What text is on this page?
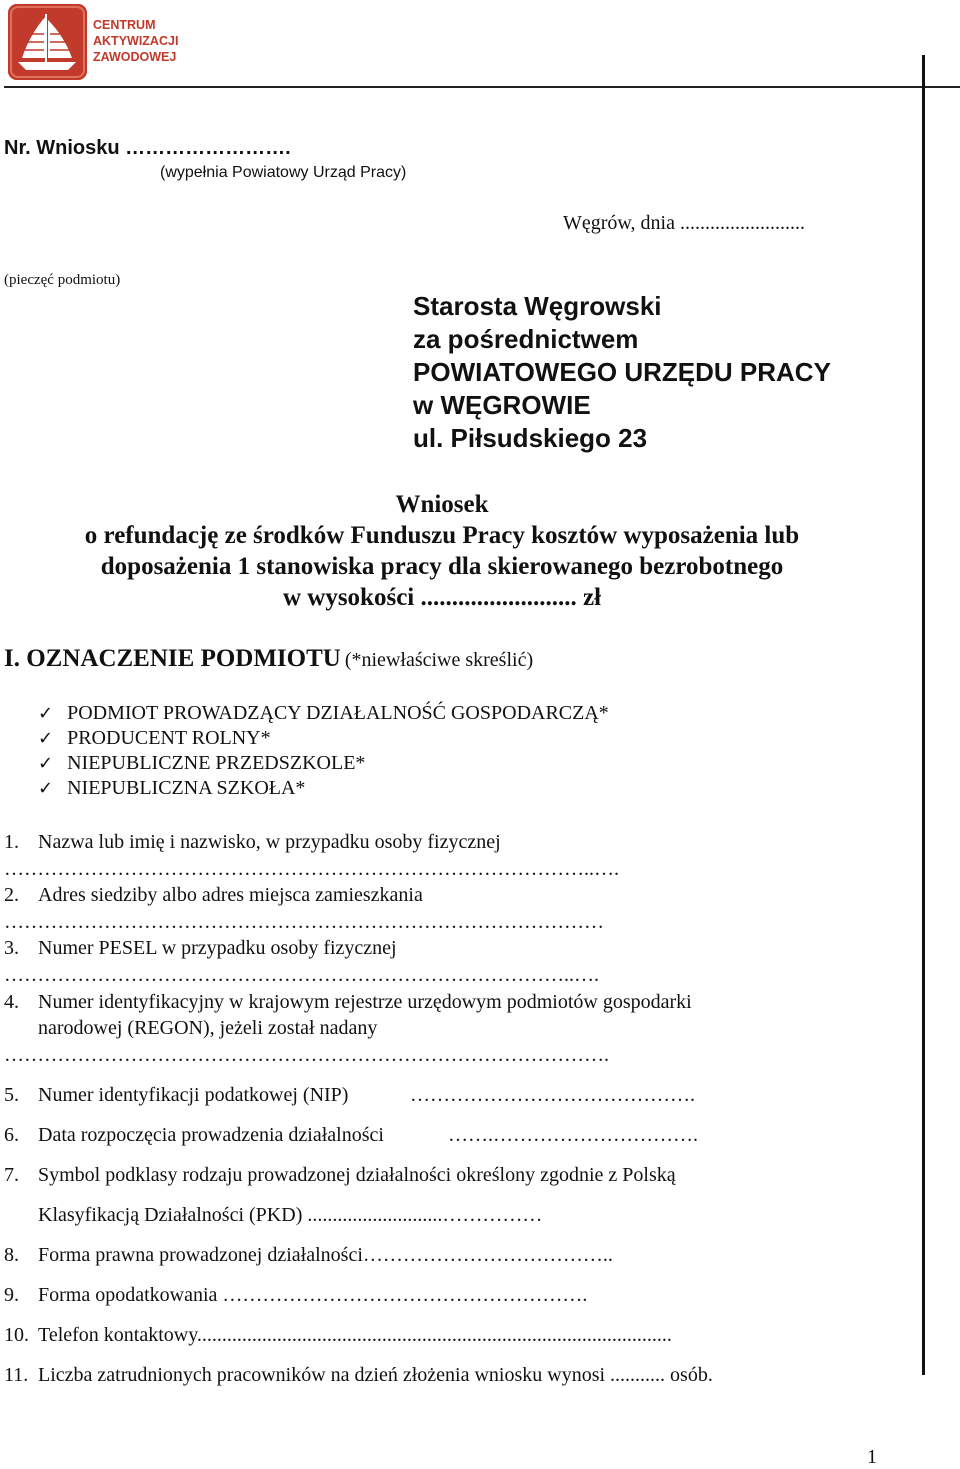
CENTRUM
AKTYWIZACJI
ZAWODOWEJ
Nr. Wniosku …………………….
(wypełnia Powiatowy Urząd Pracy)
Węgrów, dnia .........................
(pieczęć podmiotu)
Starosta Węgrowski
za pośrednictwem
POWIATOWEGO URZĘDU PRACY
w WĘGROWIE
ul. Piłsudskiego 23
Wniosek
o refundację ze środków Funduszu Pracy kosztów wyposażenia lub
doposażenia 1 stanowiska pracy dla skierowanego bezrobotnego
w wysokości ......................... zł
I. OZNACZENIE PODMIOTU (*niewłaściwe skreślić)
✓ PODMIOT PROWADZĄCY DZIAŁALNOŚĆ GOSPODARCZĄ*
✓ PRODUCENT ROLNY*
✓ NIEPUBLICZNE PRZEDSZKOLE*
✓ NIEPUBLICZNA SZKOŁA*
1. Nazwa lub imię i nazwisko, w przypadku osoby fizycznej
……………………………………………………………………………..….
2. Adres siedziby albo adres miejsca zamieszkania
………………………………………………………………………………
3. Numer PESEL w przypadku osoby fizycznej
…………………………………………………………………………..….
4. Numer identyfikacyjny w krajowym rejestrze urzędowym podmiotów gospodarki
narodowej (REGON), jeżeli został nadany
……………………………………………………………………………….
5. Numer identyfikacji podatkowej (NIP)	…………………………………….
6. Data rozpoczęcia prowadzenia działalności	…….………………………….
7. Symbol podklasy rodzaju prowadzonej działalności określony zgodnie z Polską
Klasyfikacją Działalności (PKD) ...........................……………
8. Forma prawna prowadzonej działalności………………………………..
9. Forma opodatkowania ……………………………………………….
10. Telefon kontaktowy...............................................................................................
11. Liczba zatrudnionych pracowników na dzień złożenia wniosku wynosi ........... osób.
1
